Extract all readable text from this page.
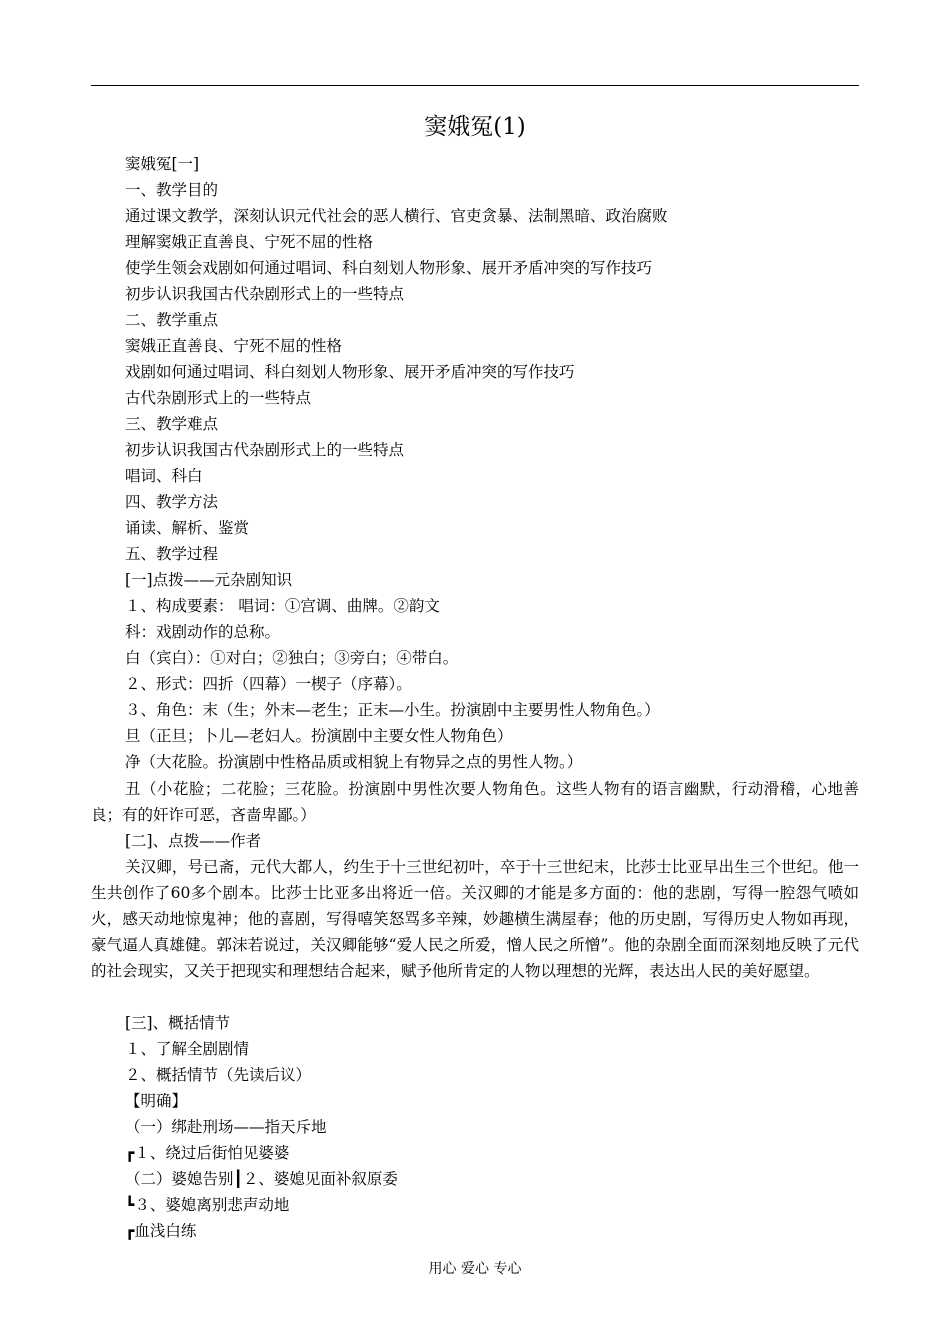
窦娥冤(1)
窦娥冤[一]
一、教学目的
通过课文教学，深刻认识元代社会的恶人横行、官吏贪暴、法制黑暗、政治腐败
理解窦娥正直善良、宁死不屈的性格
使学生领会戏剧如何通过唱词、科白刻划人物形象、展开矛盾冲突的写作技巧
初步认识我国古代杂剧形式上的一些特点
二、教学重点
窦娥正直善良、宁死不屈的性格
戏剧如何通过唱词、科白刻划人物形象、展开矛盾冲突的写作技巧
古代杂剧形式上的一些特点
三、教学难点
初步认识我国古代杂剧形式上的一些特点
唱词、科白
四、教学方法
诵读、解析、鉴赏
五、教学过程
[一]点拨——元杂剧知识
１、构成要素： 唱词：①宫调、曲牌。②韵文
科：戏剧动作的总称。
白（宾白）：①对白；②独白；③旁白；④带白。
２、形式：四折（四幕）一楔子（序幕）。
３、角色：末（生；外末—老生；正末—小生。扮演剧中主要男性人物角色。）
旦（正旦；卜儿—老妇人。扮演剧中主要女性人物角色）
净（大花脸。扮演剧中性格品质或相貌上有物异之点的男性人物。）
丑（小花脸；二花脸；三花脸。扮演剧中男性次要人物角色。这些人物有的语言幽默，行动滑稽，心地善良；有的奸诈可恶，吝啬卑鄙。）
[二]、点拨——作者
关汉卿，号已斋，元代大都人，约生于十三世纪初叶，卒于十三世纪末，比莎士比亚早出生三个世纪。他一生共创作了60多个剧本。比莎士比亚多出将近一倍。关汉卿的才能是多方面的：他的悲剧，写得一腔怨气喷如火，感天动地惊鬼神；他的喜剧，写得嘻笑怒骂多辛辣，妙趣横生满屋春；他的历史剧，写得历史人物如再现，豪气逼人真雄健。郭沫若说过，关汉卿能够“爱人民之所爱，憎人民之所憎”。他的杂剧全面而深刻地反映了元代的社会现实，又关于把现实和理想结合起来，赋予他所肯定的人物以理想的光辉，表达出人民的美好愿望。
[三]、概括情节
１、了解全剧剧情
２、概括情节（先读后议）
【明确】
（一）绑赴刑场——指天斥地
┏１、绕过后街怕见婆婆
（二）婆媳告别┃２、婆媳见面补叙原委
┗３、婆媳离别悲声动地
┏血浅白练
用心 爱心 专心
